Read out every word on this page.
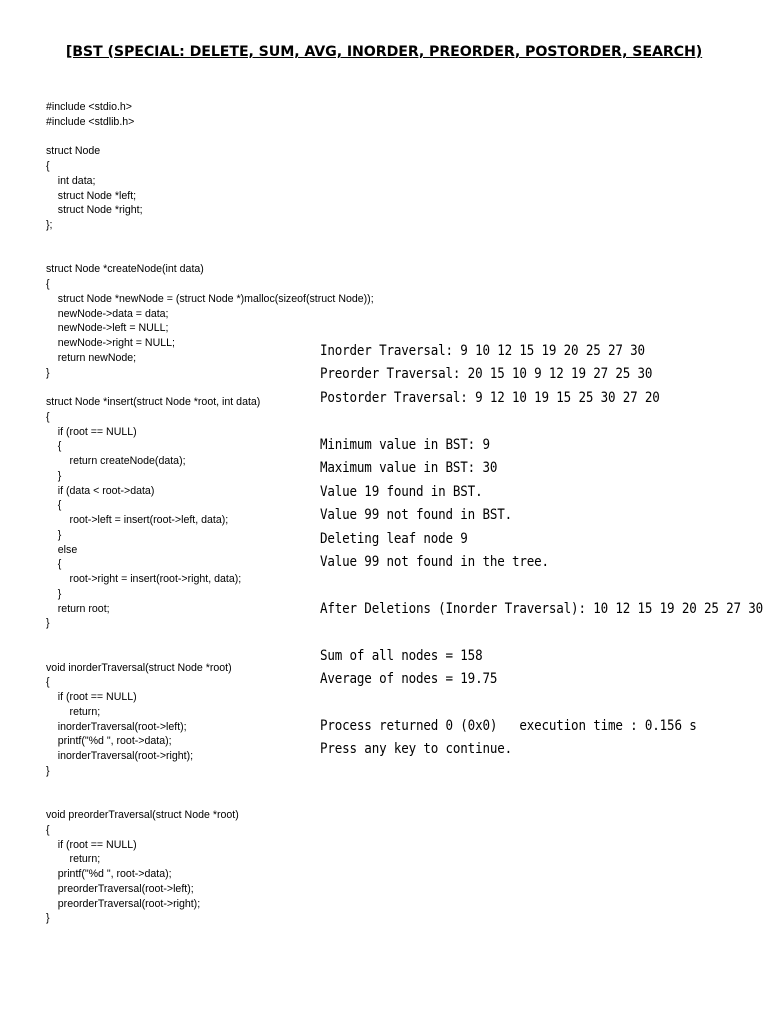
[BST (SPECIAL: DELETE, SUM, AVG, INORDER, PREORDER, POSTORDER, SEARCH)
#include <stdio.h>
#include <stdlib.h>
struct Node
{
int data;
struct Node *left;
struct Node *right;
};
struct Node *createNode(int data)
{
struct Node *newNode = (struct Node *)malloc(sizeof(struct Node));
newNode->data = data;
newNode->left = NULL;
newNode->right = NULL;
return newNode;
}
struct Node *insert(struct Node *root, int data)
{
if (root == NULL)
{
return createNode(data);
}
if (data < root->data)
{
root->left = insert(root->left, data);
}
else
{
root->right = insert(root->right, data);
}
return root;
}
void inorderTraversal(struct Node *root)
{
if (root == NULL)
return;
inorderTraversal(root->left);
printf("%d ", root->data);
inorderTraversal(root->right);
}
void preorderTraversal(struct Node *root)
{
if (root == NULL)
return;
printf("%d ", root->data);
preorderTraversal(root->left);
preorderTraversal(root->right);
}
Inorder Traversal: 9 10 12 15 19 20 25 27 30
Preorder Traversal: 20 15 10 9 12 19 27 25 30
Postorder Traversal: 9 12 10 19 15 25 30 27 20
Minimum value in BST: 9
Maximum value in BST: 30
Value 19 found in BST.
Value 99 not found in BST.
Deleting leaf node 9
Value 99 not found in the tree.
After Deletions (Inorder Traversal): 10 12 15 19 20 25 27 30
Sum of all nodes = 158
Average of nodes = 19.75
Process returned 0 (0x0)   execution time : 0.156 s
Press any key to continue.
